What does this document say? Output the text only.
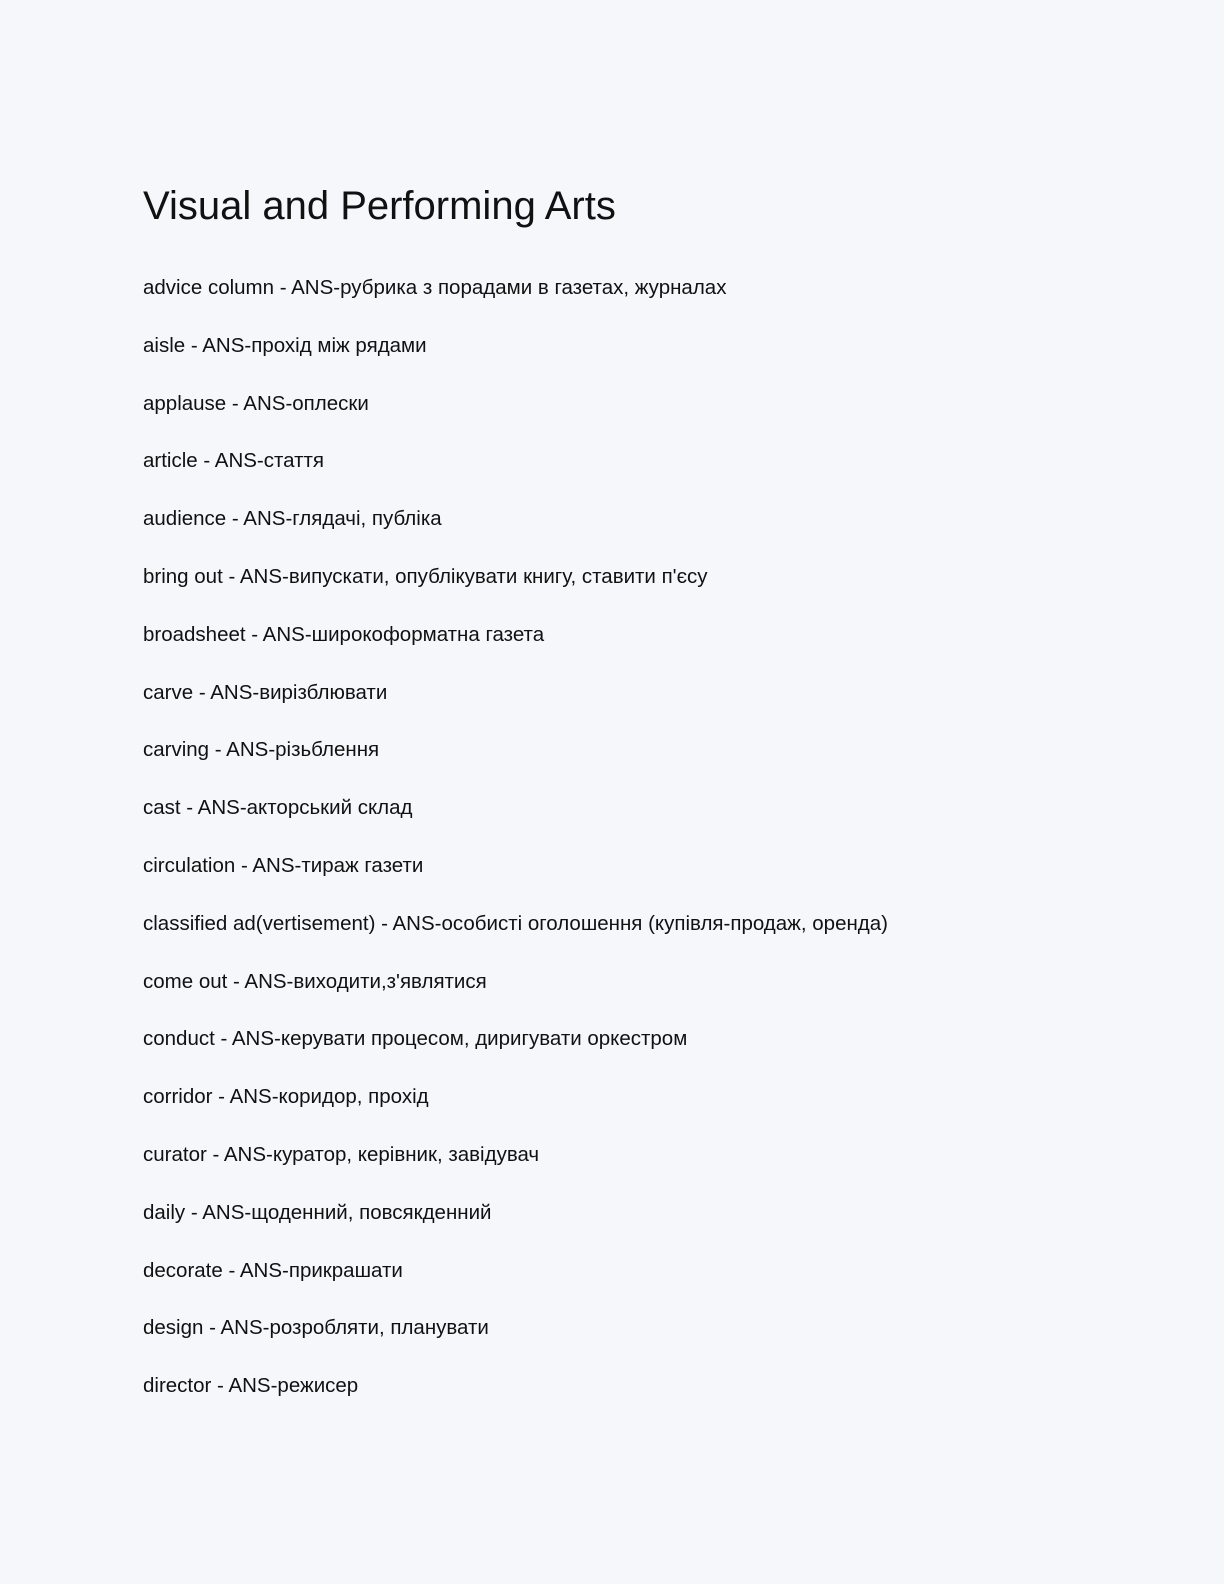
Visual and Performing Arts
advice column - ANS-рубрика з порадами в газетах, журналах
aisle - ANS-прохід між рядами
applause - ANS-оплески
article - ANS-стаття
audience - ANS-глядачі, публіка
bring out - ANS-випускати, опублікувати книгу, ставити п'єсу
broadsheet - ANS-широкоформатна газета
carve - ANS-вирізблювати
carving - ANS-різьблення
cast - ANS-акторський склад
circulation - ANS-тираж газети
classified ad(vertisement) - ANS-особисті оголошення (купівля-продаж, оренда)
come out - ANS-виходити,з'являтися
conduct - ANS-керувати процесом, диригувати оркестром
corridor - ANS-коридор, прохід
curator - ANS-куратор, керівник, завідувач
daily - ANS-щоденний, повсякденний
decorate - ANS-прикрашати
design - ANS-розробляти, планувати
director - ANS-режисер
